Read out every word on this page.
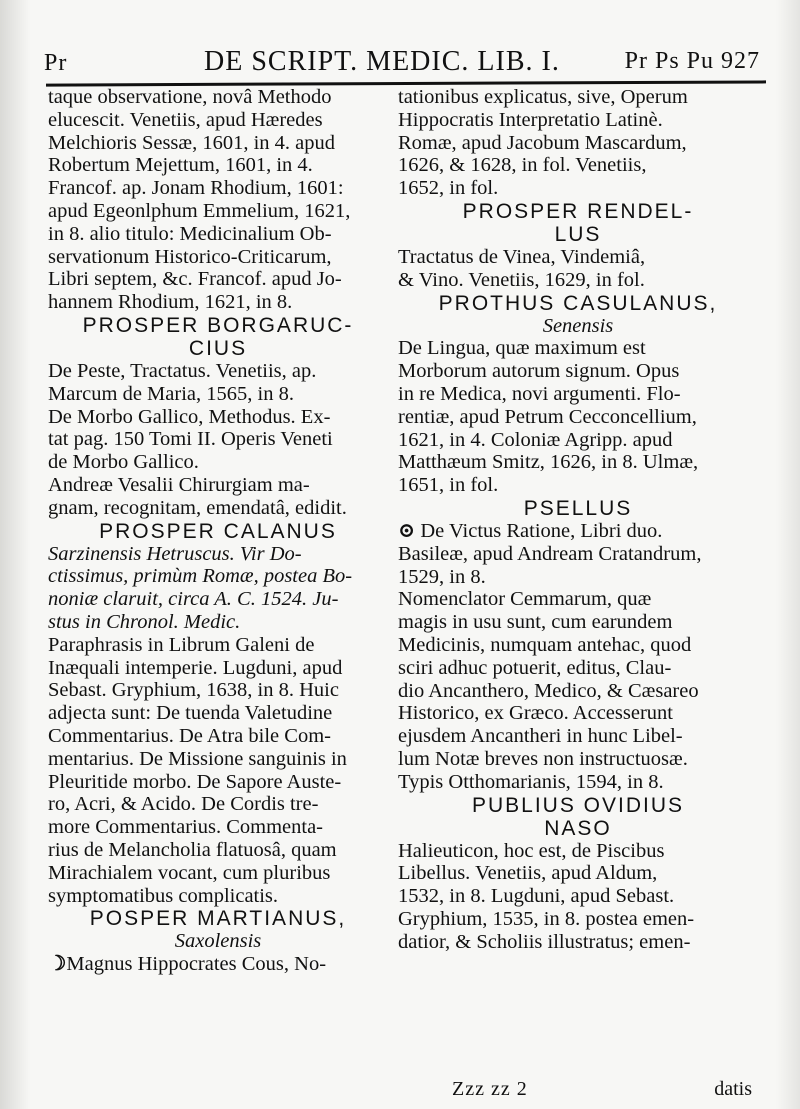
Pr	DE SCRIPT. MEDIC. LIB. I.	Pr Ps Pu 927

taque observatione, novâ Methodo
elucescit. Venetiis, apud Hæredes
Melchioris Sessæ, 1601, in 4. apud
Robertum Mejettum, 1601, in 4.
Francof. ap. Jonam Rhodium, 1601:
apud Egeonlphum Emmelium, 1621,
in 8. alio titulo: Medicinalium Ob-
servationum Historico-Criticarum,
Libri septem, &c. Francof. apud Jo-
hannem Rhodium, 1621, in 8.

PROSPER BORGARUC-
CIUS

De Peste, Tractatus. Venetiis, ap.
Marcum de Maria, 1565, in 8.

De Morbo Gallico, Methodus. Ex-
tat pag. 150 Tomi II. Operis Veneti
de Morbo Gallico.

Andreæ Vesalii Chirurgiam ma-
gnam, recognitam, emendatâ, edidit.

PROSPER CALANUS

Sarzinensis Hetruscus. Vir Do-
ctissimus, primùm Romæ, postea Bo-
noniæ claruit, circa A. C. 1524. Ju-
stus in Chronol. Medic.

Paraphrasis in Librum Galeni de
Inæquali intemperie. Lugduni, apud
Sebast. Gryphium, 1638, in 8. Huic
adjecta sunt: De tuenda Valetudine
Commentarius. De Atra bile Com-
mentarius. De Missione sanguinis in
Pleuritide morbo. De Sapore Auste-
ro, Acri, & Acido. De Cordis tre-
more Commentarius. Commenta-
rius de Melancholia flatuosâ, quam
Mirachialem vocant, cum pluribus
symptomatibus complicatis.

POSPER MARTIANUS,

Saxolensis

☽Magnus Hippocrates Cous, No-

tationibus explicatus, sive, Operum
Hippocratis Interpretatio Latinè.
Romæ, apud Jacobum Mascardum,
1626, & 1628, in fol. Venetiis,
1652, in fol.

PROSPER RENDEL-
LUS

Tractatus de Vinea, Vindemiâ,
& Vino. Venetiis, 1629, in fol.

PROTHUS CASULANUS,

Senensis

De Lingua, quæ maximum est
Morborum autorum signum. Opus
in re Medica, novi argumenti. Flo-
rentiæ, apud Petrum Cecconcellium,
1621, in 4. Coloniæ Agripp. apud
Matthæum Smitz, 1626, in 8. Ulmæ,
1651, in fol.

PSELLUS

⊙ De Victus Ratione, Libri duo.
Basileæ, apud Andream Cratandrum,
1529, in 8.

Nomenclator Cemmarum, quæ
magis in usu sunt, cum earundem
Medicinis, numquam antehac, quod
sciri adhuc potuerit, editus, Clau-
dio Ancanthero, Medico, & Cæsareo
Historico, ex Græco. Accesserunt
ejusdem Ancantheri in hunc Libel-
lum Notæ breves non instructuosæ.
Typis Otthomarianis, 1594, in 8.

PUBLIUS OVIDIUS
NASO

Halieuticon, hoc est, de Piscibus
Libellus. Venetiis, apud Aldum,
1532, in 8. Lugduni, apud Sebast.
Gryphium, 1535, in 8. postea emen-
datior, & Scholiis illustratus; emen-

Zzz zz 2	datis
